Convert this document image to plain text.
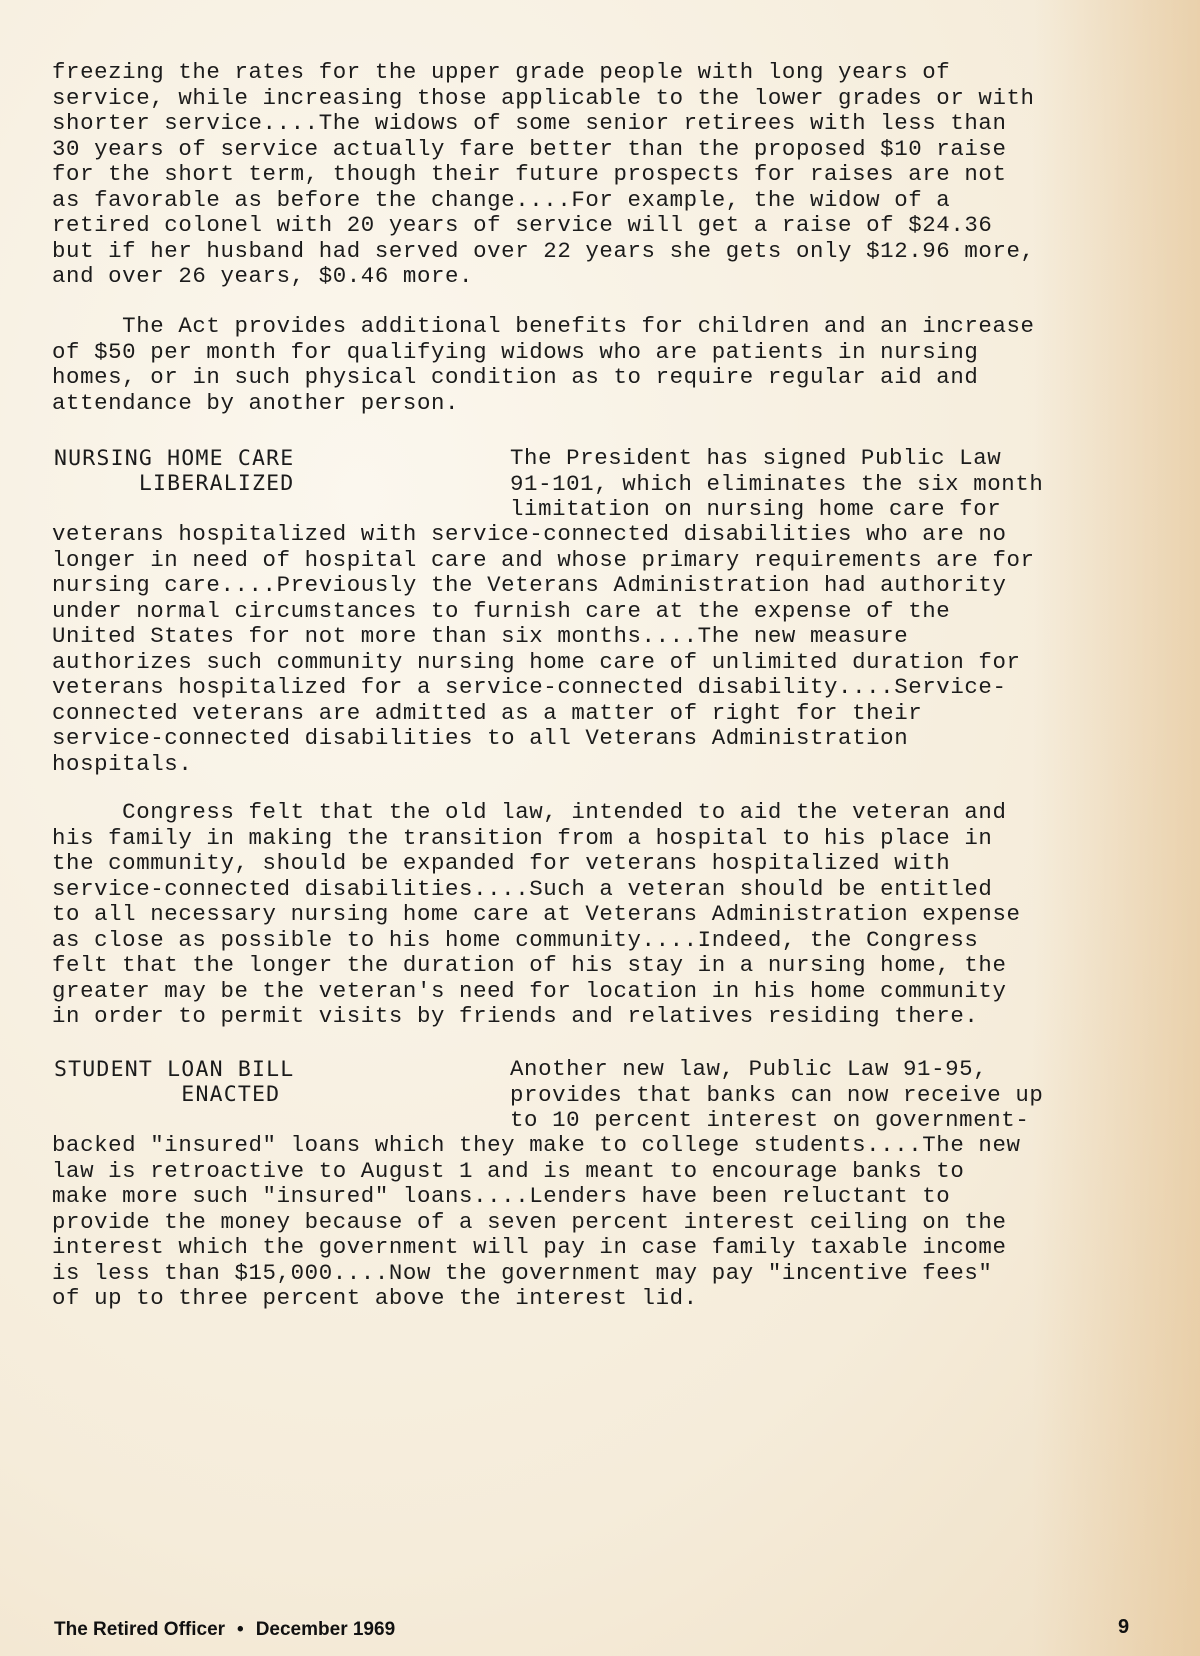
freezing the rates for the upper grade people with long years of
service, while increasing those applicable to the lower grades or with
shorter service....The widows of some senior retirees with less than
30 years of service actually fare better than the proposed $10 raise
for the short term, though their future prospects for raises are not
as favorable as before the change....For example, the widow of a
retired colonel with 20 years of service will get a raise of $24.36
but if her husband had served over 22 years she gets only $12.96 more,
and over 26 years, $0.46 more.

The Act provides additional benefits for children and an increase
of $50 per month for qualifying widows who are patients in nursing
homes, or in such physical condition as to require regular aid and
attendance by another person.

NURSING HOME CARE
LIBERALIZED

The President has signed Public Law
91-101, which eliminates the six month
limitation on nursing home care for

veterans hospitalized with service-connected disabilities who are no
longer in need of hospital care and whose primary requirements are for
nursing care....Previously the Veterans Administration had authority
under normal circumstances to furnish care at the expense of the
United States for not more than six months....The new measure
authorizes such community nursing home care of unlimited duration for
veterans hospitalized for a service-connected disability....Service-
connected veterans are admitted as a matter of right for their
service-connected disabilities to all Veterans Administration
hospitals.

Congress felt that the old law, intended to aid the veteran and
his family in making the transition from a hospital to his place in
the community, should be expanded for veterans hospitalized with
service-connected disabilities....Such a veteran should be entitled
to all necessary nursing home care at Veterans Administration expense
as close as possible to his home community....Indeed, the Congress
felt that the longer the duration of his stay in a nursing home, the
greater may be the veteran's need for location in his home community
in order to permit visits by friends and relatives residing there.

STUDENT LOAN BILL
ENACTED

Another new law, Public Law 91-95,
provides that banks can now receive up
to 10 percent interest on government-

backed "insured" loans which they make to college students....The new
law is retroactive to August 1 and is meant to encourage banks to
make more such "insured" loans....Lenders have been reluctant to
provide the money because of a seven percent interest ceiling on the
interest which the government will pay in case family taxable income
is less than $15,000....Now the government may pay "incentive fees"
of up to three percent above the interest lid.

The Retired Officer • December 1969	9
